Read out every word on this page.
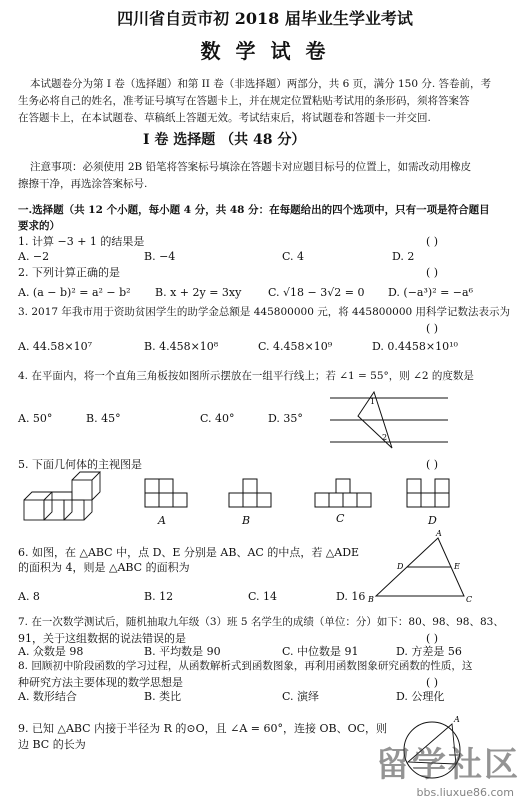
四川省自贡市初 2018 届毕业生学业考试
数 学 试 卷
本试题卷分为第 I 卷（选择题）和第 II 卷（非选择题）两部分，共 6 页，满分 150 分. 答卷前，考
生务必将自己的姓名，准考证号填写在答题卡上，并在规定位置粘贴考试用的条形码，须将答案答
在答题卡上，在本试题卷、草稿纸上答题无效。考试结束后，将试题卷和答题卡一并交回.
I 卷 选择题 （共 48 分）
注意事项：必须使用 2B 铅笔将答案标号填涂在答题卡对应题目标号的位置上，如需改动用橡皮
擦擦干净，再选涂答案标号.
一.选择题（共 12 个小题，每小题 4 分，共 48 分：在每题给出的四个选项中，只有一项是符合题目
要求的）
1. 计算 −3 + 1 的结果是	( )
A. −2	B. −4	C. 4	D. 2
2. 下列计算正确的是	( )
A. (a − b)² = a² − b² B. x + 2y = 3xy C. √18 − 3√2 = 0 D. (−a³)² = −a⁶
3. 2017 年我市用于资助贫困学生的助学金总额是 445800000 元，将 445800000 用科学记数法表示为
( )
A. 44.58×10⁷	B. 4.458×10⁸	C. 4.458×10⁹	D. 0.4458×10¹⁰
4. 在平面内，将一个直角三角板按如图所示摆放在一组平行线上；若 ∠1 = 55°，则 ∠2 的度数是
A. 50°	B. 45°	C. 40°	D. 35°
1
2
5. 下面几何体的主视图是	( )
A	B	C	D
6. 如图，在 △ABC 中，点 D、E 分别是 AB、AC 的中点，若 △ADE
的面积为 4，则是 △ABC 的面积为
A. 8	B. 12	C. 14	D. 16
A
B	C
D	E
7. 在一次数学测试后，随机抽取九年级（3）班 5 名学生的成绩（单位：分）如下：80、98、98、83、
91，关于这组数据的说法错误的是	( )
A. 众数是 98	B. 平均数是 90	C. 中位数是 91	D. 方差是 56
8. 回顾初中阶段函数的学习过程，从函数解析式到函数图象，再利用函数图象研究函数的性质，这
种研究方法主要体现的数学思想是	( )
A. 数形结合	B. 类比	C. 演绎	D. 公理化
9. 已知 △ABC 内接于半径为 R 的⊙O，且 ∠A = 60°，连接 OB、OC，则
边 BC 的长为
A
留学社区
bbs.liuxue86.com
